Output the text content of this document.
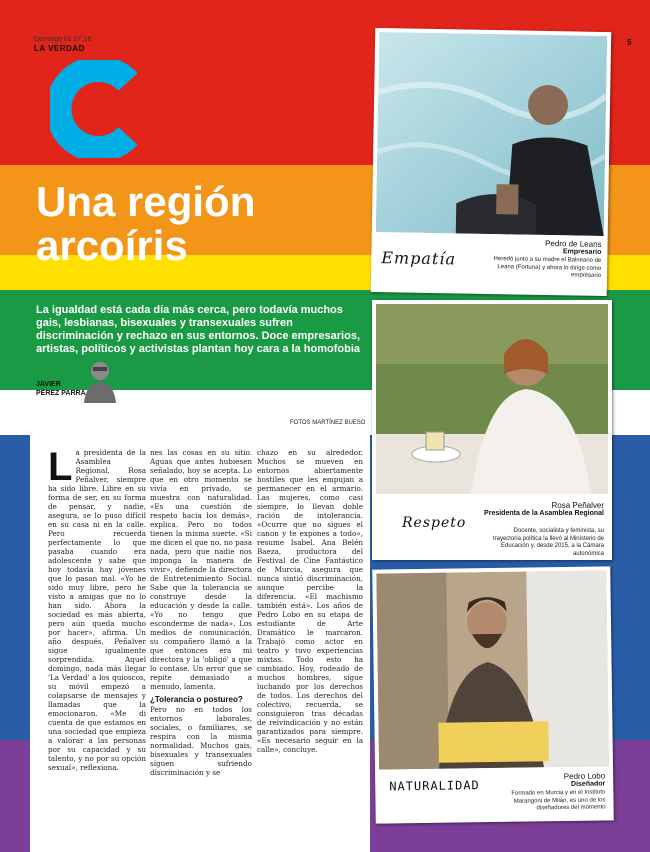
Domingo 01.07.18
LA VERDAD
5
Una región
arcoíris
La igualdad está cada día más cerca, pero todavía muchos gais, lesbianas, bisexuales y transexuales sufren discriminación y rechazo en sus entornos. Doce empresarios, artistas, políticos y activistas plantan hoy cara a la homofobia
JAVIER
PÉREZ PARRA
FOTOS MARTÍNEZ BUESO
Empatía
Pedro de Leans
Empresario
Heredó junto a su madre el Balneario de Leana (Fortuna) y ahora lo dirige como empresario
Respeto
Rosa Peñalver
Presidenta de la Asamblea Regional
Docente, socialista y feminista, su trayectoria política la llevó al Ministerio de Educación y, desde 2015, a la Cámara autonómica
NATURALIDAD
Pedro Lobo
Diseñador
Formado en Murcia y en el Instituto Marangoni de Milán, es uno de los diseñadores del momento
La presidenta de la Asamblea Regional, Rosa Peñalver, siempre ha sido libre. Libre en su forma de ser, en su forma de pensar, y nadie, asegura, se lo puso difícil en su casa ni en la calle. Pero recuerda perfectamente lo que pasaba cuando era adolescente y sabe que hoy todavía hay jóvenes que lo pasan mal. «Yo he sido muy libre, pero he visto a amigas que no lo han sido. Ahora la sociedad es más abierta, pero aún queda mucho por hacer», afirma. Un año después, Peñalver sigue igualmente sorprendida. Aquel domingo, nada más llegar 'La Verdad' a los quioscos, su móvil empezó a colapsarse de mensajes y llamadas que la emocionaron. «Me di cuenta de que estamos en una sociedad que empieza a valorar a las personas por su capacidad y su talento, y no por su opción sexual», reflexiona.
nes las cosas en su sitio. Aguas que antes hubiesen señalado, hoy se acepta. Lo que en otro momento se vivía en privado, se muestra con naturalidad. «Es una cuestión de respeto hacia los demás», explica. Pero no todos tienen la misma suerte. «Si me dicen el que no, no pasa nada, pero que nadie nos imponga la manera de vivir», defiende la directora de Entretenimiento Social. Sabe que la tolerancia se construye desde la educación y desde la calle. «Yo no tengo que esconderme de nada». Los medios de comunicación, su compañero llamó a la que entonces era mi directora y la 'obligó' a que lo contase. Un error que se repite demasiado a menudo, lamenta.
¿Tolerancia o postureo?
Pero no en todos los entornos laborales, sociales, o familiares, se respira con la misma normalidad. Muchos gais, bisexuales y transexuales siguen sufriendo discriminación y se
chazo en su alrededor. Muchos se mueven en entornos abiertamente hostiles que les empujan a permanecer en el armario. Las mujeres, como casi siempre, lo llevan doble ración de intolerancia. «Ocurre que no sigues el canon y te expones a todo», resume Isabel. Ana Belén Baeza, productora del Festival de Cine Fantástico de Murcia, asegura que nunca sintió discriminación, aunque percibe la diferencia. «El machismo también está». Los años de Pedro Lobo en su etapa de estudiante de Arte Dramático le marcaron. Trabajó como actor en teatro y tuvo experiencias mixtas. Todo esto ha cambiado. Hoy, rodeado de muchos hombres, sigue luchando por los derechos de todos. Los derechos del colectivo, recuerda, se consiguieron tras décadas de reivindicación y no están garantizados para siempre. «Es necesario seguir en la calle», concluye.
